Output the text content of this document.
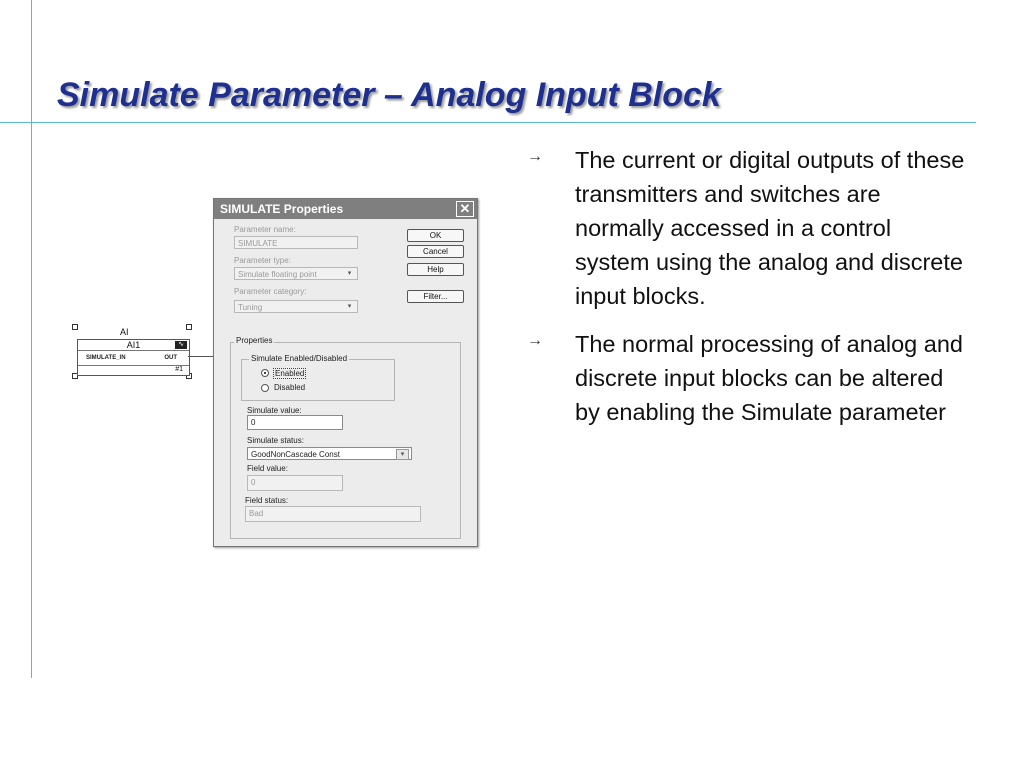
Simulate Parameter – Analog Input Block
→	The current or digital outputs of these transmitters and switches are normally accessed in a control system using the analog and discrete input blocks.
→	The normal processing of analog and discrete input blocks can be altered by enabling the Simulate parameter
AI
AI1	∿
SIMULATE_IN	OUT
#1
SIMULATE Properties	✕
Parameter name:
SIMULATE
Parameter type:
Simulate floating point	▾
Parameter category:
Tuning	▾
OK
Cancel
Help
Filter...
Properties
Simulate Enabled/Disabled
Enabled
Disabled
Simulate value:
0
Simulate status:
GoodNonCascade Const	▾
Field value:
0
Field status:
Bad
